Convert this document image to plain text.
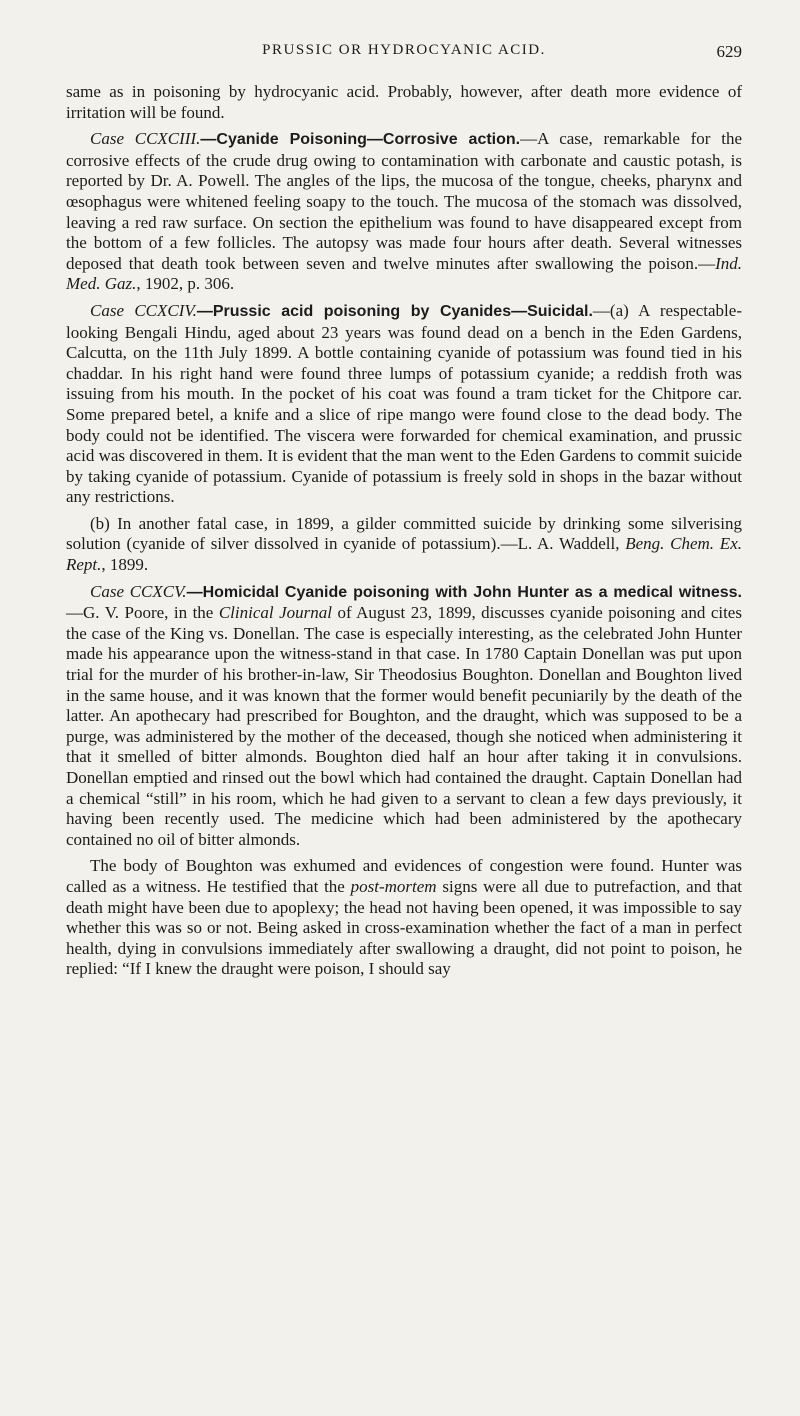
PRUSSIC OR HYDROCYANIC ACID.	629

same as in poisoning by hydrocyanic acid. Probably, however, after death more evidence of irritation will be found.

Case CCXCIII.—Cyanide Poisoning—Corrosive action.—A case, remarkable for the corrosive effects of the crude drug owing to contamination with carbonate and caustic potash, is reported by Dr. A. Powell. The angles of the lips, the mucosa of the tongue, cheeks, pharynx and œsophagus were whitened feeling soapy to the touch. The mucosa of the stomach was dissolved, leaving a red raw surface. On section the epithelium was found to have disappeared except from the bottom of a few follicles. The autopsy was made four hours after death. Several witnesses deposed that death took between seven and twelve minutes after swallowing the poison.—Ind. Med. Gaz., 1902, p. 306.

Case CCXCIV.—Prussic acid poisoning by Cyanides—Suicidal.—(a) A respectable-looking Bengali Hindu, aged about 23 years was found dead on a bench in the Eden Gardens, Calcutta, on the 11th July 1899. A bottle containing cyanide of potassium was found tied in his chaddar. In his right hand were found three lumps of potassium cyanide; a reddish froth was issuing from his mouth. In the pocket of his coat was found a tram ticket for the Chitpore car. Some prepared betel, a knife and a slice of ripe mango were found close to the dead body. The body could not be identified. The viscera were forwarded for chemical examination, and prussic acid was discovered in them. It is evident that the man went to the Eden Gardens to commit suicide by taking cyanide of potassium. Cyanide of potassium is freely sold in shops in the bazar without any restrictions.

(b) In another fatal case, in 1899, a gilder committed suicide by drinking some silverising solution (cyanide of silver dissolved in cyanide of potassium).—L. A. Waddell, Beng. Chem. Ex. Rept., 1899.

Case CCXCV.—Homicidal Cyanide poisoning with John Hunter as a medical witness.—G. V. Poore, in the Clinical Journal of August 23, 1899, discusses cyanide poisoning and cites the case of the King vs. Donellan. The case is especially interesting, as the celebrated John Hunter made his appearance upon the witness-stand in that case. In 1780 Captain Donellan was put upon trial for the murder of his brother-in-law, Sir Theodosius Boughton. Donellan and Boughton lived in the same house, and it was known that the former would benefit pecuniarily by the death of the latter. An apothecary had prescribed for Boughton, and the draught, which was supposed to be a purge, was administered by the mother of the deceased, though she noticed when administering it that it smelled of bitter almonds. Boughton died half an hour after taking it in convulsions. Donellan emptied and rinsed out the bowl which had contained the draught. Captain Donellan had a chemical “still” in his room, which he had given to a servant to clean a few days previously, it having been recently used. The medicine which had been administered by the apothecary contained no oil of bitter almonds.

The body of Boughton was exhumed and evidences of congestion were found. Hunter was called as a witness. He testified that the post-mortem signs were all due to putrefaction, and that death might have been due to apoplexy; the head not having been opened, it was impossible to say whether this was so or not. Being asked in cross-examination whether the fact of a man in perfect health, dying in convulsions immediately after swallowing a draught, did not point to poison, he replied: “If I knew the draught were poison, I should say
